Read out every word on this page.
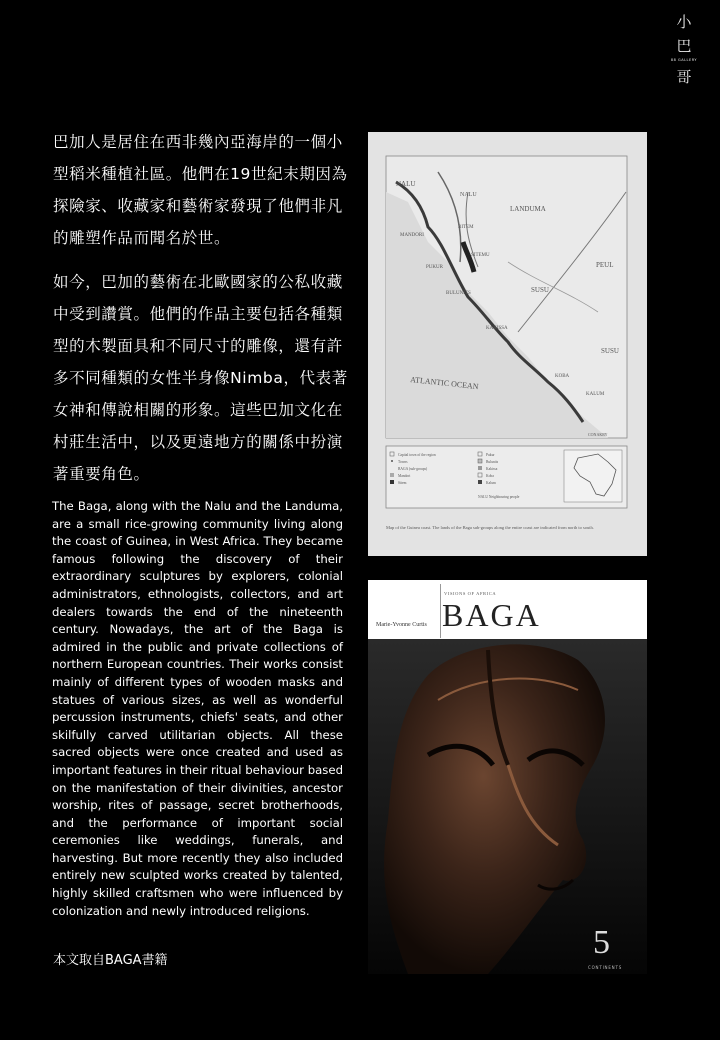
小
巴
88 GALLERY
哥

巴加人是居住在西非幾內亞海岸的一個小型稻米種植社區。他們在19世紀末期因為探險家、收藏家和藝術家發現了他們非凡的雕塑作品而聞名於世。

如今，巴加的藝術在北歐國家的公私收藏中受到讚賞。他們的作品主要包括各種類型的木製面具和不同尺寸的雕像，還有許多不同種類的女性半身像Nimba，代表著女神和傳說相關的形象。這些巴加文化在村莊生活中，以及更遠地方的關係中扮演著重要角色。

The Baga, along with the Nalu and the Landuma, are a small rice-growing community living along the coast of Guinea, in West Africa. They became famous following the discovery of their extraordinary sculptures by explorers, colonial administrators, ethnologists, collectors, and art dealers towards the end of the nineteenth century. Nowadays, the art of the Baga is admired in the public and private collections of northern European countries. Their works consist mainly of different types of wooden masks and statues of various sizes, as well as wonderful percussion instruments, chiefs' seats, and other skilfully carved utilitarian objects. All these sacred objects were once created and used as important features in their ritual behaviour based on the manifestation of their divinities, ancestor worship, rites of passage, secret brotherhoods, and the performance of important social ceremonies like weddings, funerals, and harvesting. But more recently they also included entirely new sculpted works created by talented, highly skilled craftsmen who were influenced by colonization and newly introduced religions.

本文取自BAGA書籍

NALU
NALU
LANDUMA
BITEM
MANDORI
PUKUR
SITEMU
BULUNITS	SUSU
PEUL
KAKISSA
SUSU
KOBA
KALUM
CONAKRY
ATLANTIC OCEAN
Capital town of the region
Towns
BAGA (sub-groups)
Mandori
Sitem
Pukur
Bulunits
Kakissa
Koba
Kalum
NALU Neighbouring people
Map of the Guinea coast. The lands of the Baga sub-groups along the entire coast are indicated from north to south.
VISIONS OF AFRICA
Marie-Yvonne Curtis BAGA
5
CONTINENTS
